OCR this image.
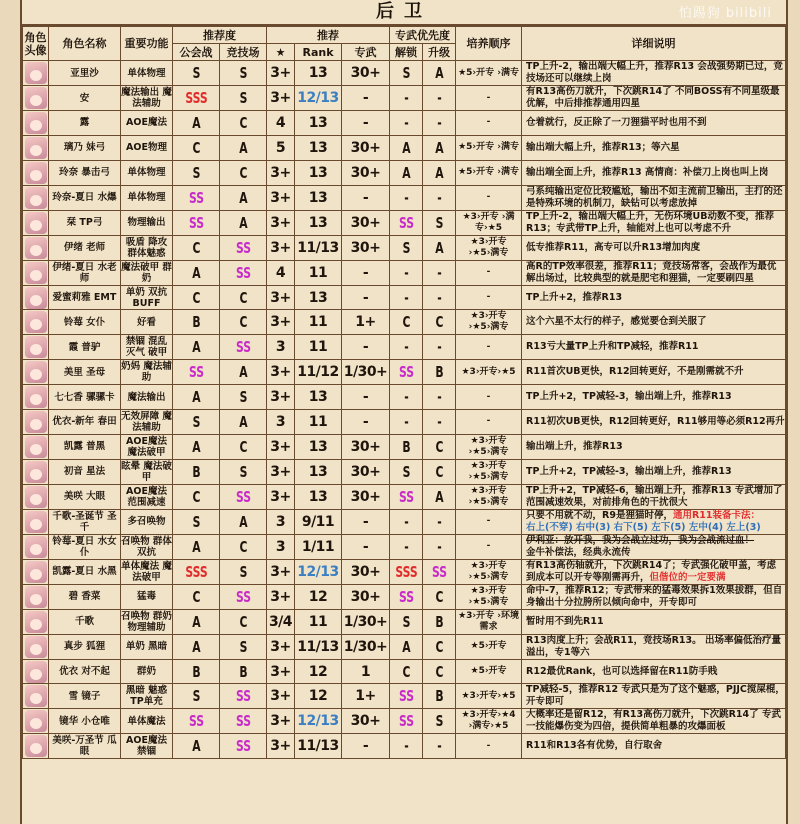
后卫	怕踢狗 bilibili
角色头像	角色名称	重要功能	推荐度		推荐			专武优先度		培养顺序	详细说明
			公会战	竞技场	★	Rank	专武	解锁	升级		

	亚里沙	单体物理	S	S	3+	13	30+	S	A	★5›开专 ›满专	TP上升-2，输出端大幅上升，推荐R13 会战强势期已过，竞技场还可以继续上岗

	安	魔法输出 魔法辅助	SSS	S	3+	12/13	-	-	-	-	有R13高伤刀就升，下次跳R14了 不同BOSS有不同星级最优解，中后排推荐通用四星

	露	AOE魔法	A	C	4	13	-	-	-	-	仓着就行，反正除了一刀狸猫平时也用不到

	璃乃 妹弓	AOE物理	C	A	5	13	30+	A	A	★5›开专 ›满专	输出端大幅上升，推荐R13；等六星

	玲奈 暴击弓	单体物理	S	C	3+	13	30+	A	A	★5›开专 ›满专	输出端全面上升，推荐R13 高情商：补偿刀上岗也叫上岗

	玲奈-夏日 水爆	单体物理	SS	A	3+	13	-	-	-	-	弓系纯输出定位比较尴尬，输出不如主流前卫输出，主打的还是特殊环境的机制刀，缺钻可以考虑放掉

	栞 TP弓	物理输出	SS	A	3+	13	30+	SS	S	★3›开专 ›满专›★5	TP上升-2，输出端大幅上升，无伤环境UB动数不变，推荐R13；专武带TP上升，轴能对上也可以考虑不升

	伊绪 老师	吸盾 降攻 群体魅惑	C	SS	3+	11/13	30+	S	A	★3›开专 ›★5›满专	低专推荐R11，高专可以升R13增加肉度

	伊绪-夏日 水老师	魔法破甲 群奶	A	SS	4	11	-	-	-	-	高R的TP效率很差，推荐R11；竞技场常客，会战作为最优解出场过，比较典型的就是肥宅和狸猫，一定要刷四星

	爱蜜莉雅 EMT	单奶 双抗BUFF	C	C	3+	13	-	-	-	-	TP上升+2，推荐R13

	铃莓 女仆	好看	B	C	3+	11	1+	C	C	★3›开专 ›★5›满专	这个六星不太行的样子，感觉要仓到关服了

	霞 普驴	禁锢 混乱 灭气 破甲	A	SS	3	11	-	-	-	-	R13亏大量TP上升和TP减轻，推荐R11

	美里 圣母	奶妈 魔法辅助	SS	A	3+	11/12	1/30+	SS	B	★3›开专›★5	R11首次UB更快，R12回转更好，不是刚需就不升

	七七香 骡骡卡	魔法输出	A	S	3+	13	-	-	-	-	TP上升+2，TP减轻-3，输出端上升，推荐R13

	优衣-新年 春田	无效屏障 魔法辅助	S	A	3	11	-	-	-	-	R11初次UB更快，R12回转更好，R11够用等必须R12再升

	凯露 普黑	AOE魔法 魔法破甲	A	C	3+	13	30+	B	C	★3›开专 ›★5›满专	输出端上升，推荐R13

	初音 星法	眩晕 魔法破甲	B	S	3+	13	30+	S	C	★3›开专 ›★5›满专	TP上升+2，TP减轻-3，输出端上升，推荐R13

	美咲 大眼	AOE魔法 范围减速	C	SS	3+	13	30+	SS	A	★3›开专 ›★5›满专	TP上升+2，TP减轻-6，输出端上升，推荐R13 专武增加了范围减速效果，对前排角色的干扰很大

	千歌-圣诞节 圣千	多召唤物	S	A	3	9/11	-	-	-	-	只要不用就不动，R9是狸猫时停，通用R11装备卡法：
右上(不穿) 右中(3) 右下(5) 左下(5) 左中(4) 左上(3)

	铃莓-夏日 水女仆	召唤物 群体双抗	A	C	3	1/11	-	-	-	-	伊利亚：放开我，我为会战立过功，我为会战流过血！
金牛补偿法，经典永流传

	凯露-夏日 水黑	单体魔法 魔法破甲	SSS	S	3+	12/13	30+	SSS	SS	★3›开专 ›★5›满专	有R13高伤轴就升，下次跳R14了；专武强化破甲盖，考虑到成本可以开专等刚需再升，但偕位的一定要满

	碧 香菜	猛毒	C	SS	3+	12	30+	SS	C	★3›开专 ›★5›满专	命中-7，推荐R12；专武带来的猛毒效果拆1效果拔群，但自身输出十分拉胯所以倾向命中，开专即可

	千歌	召唤物 群奶 物理辅助	A	C	3/4	11	1/30+	S	B	★3›开专 ›环境需求	暂时用不到先R11

	真步 狐狸	单奶 黑暗	A	S	3+	11/13	1/30+	A	C	★5›开专	R13肉度上升；会战R11，竞技场R13。 出场率偏低治疗量溢出，专1等六

	优衣 对不起	群奶	B	B	3+	12	1	C	C	★5›开专	R12最优Rank，也可以选择留在R11防手贱

	雪 镜子	黑暗 魅惑 TP单充	S	SS	3+	12	1+	SS	B	★3›开专›★5	TP减轻-5，推荐R12 专武只是为了这个魅惑，PJJC搅屎棍，开专即可

	镜华 小仓唯	单体魔法	SS	SS	3+	12/13	30+	SS	S	★3›开专›★4 ›满专›★5	大概率还是留R12，有R13高伤刀就升，下次跳R14了 专武一技能爆伤变为四倍，提供简单粗暴的攻爆面板

	美咲-万圣节 瓜眼	AOE魔法 禁锢	A	SS	3+	11/13	-	-	-	-	R11和R13各有优势，自行取舍
